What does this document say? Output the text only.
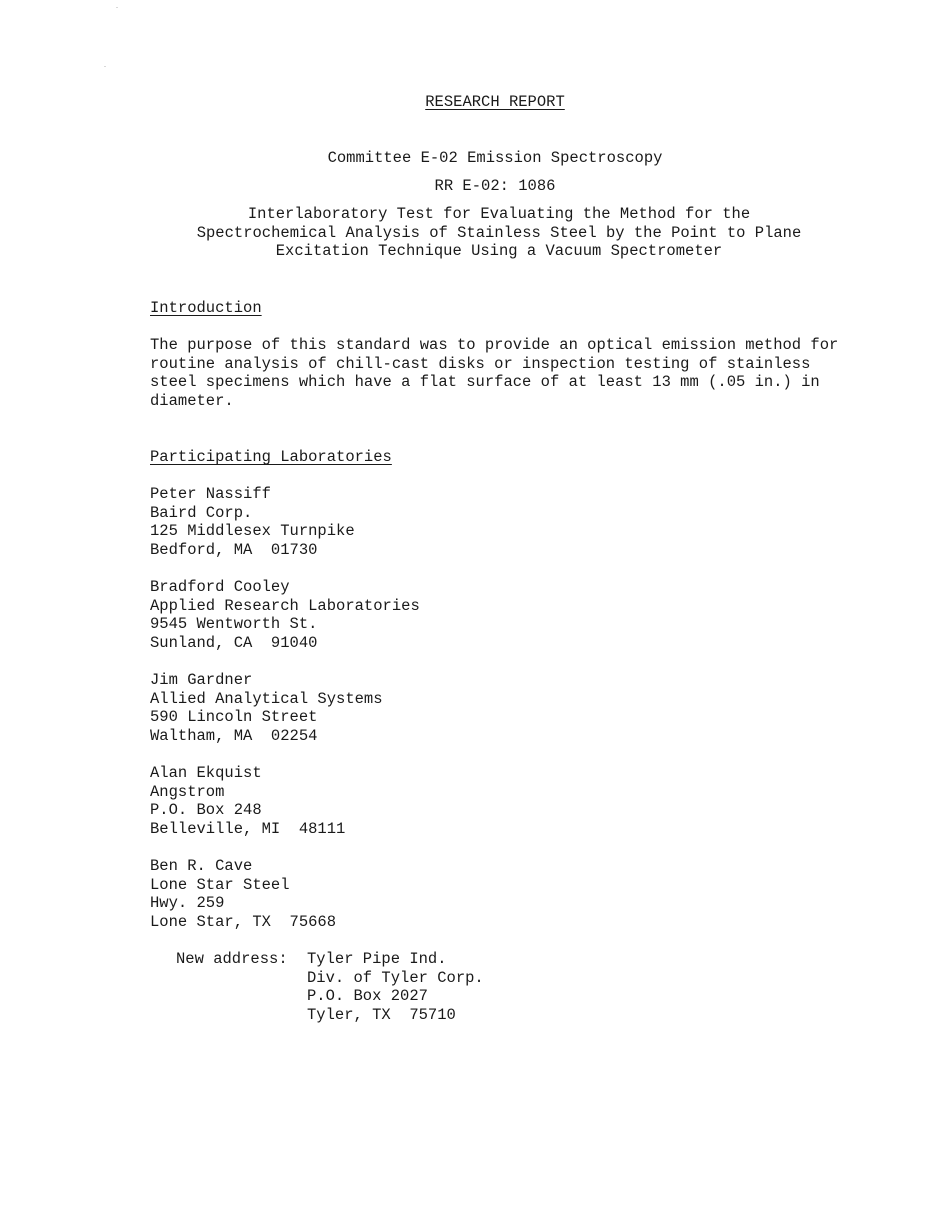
RESEARCH REPORT
Committee E-02 Emission Spectroscopy
RR E-02: 1086
Interlaboratory Test for Evaluating the Method for the
Spectrochemical Analysis of Stainless Steel by the Point to Plane
Excitation Technique Using a Vacuum Spectrometer
Introduction
The purpose of this standard was to provide an optical emission method for
routine analysis of chill-cast disks or inspection testing of stainless
steel specimens which have a flat surface of at least 13 mm (.05 in.) in
diameter.
Participating Laboratories
Peter Nassiff
Baird Corp.
125 Middlesex Turnpike
Bedford, MA  01730
Bradford Cooley
Applied Research Laboratories
9545 Wentworth St.
Sunland, CA  91040
Jim Gardner
Allied Analytical Systems
590 Lincoln Street
Waltham, MA  02254
Alan Ekquist
Angstrom
P.O. Box 248
Belleville, MI  48111
Ben R. Cave
Lone Star Steel
Hwy. 259
Lone Star, TX  75668
New address:	Tyler Pipe Ind.
Div. of Tyler Corp.
P.O. Box 2027
Tyler, TX  75710
